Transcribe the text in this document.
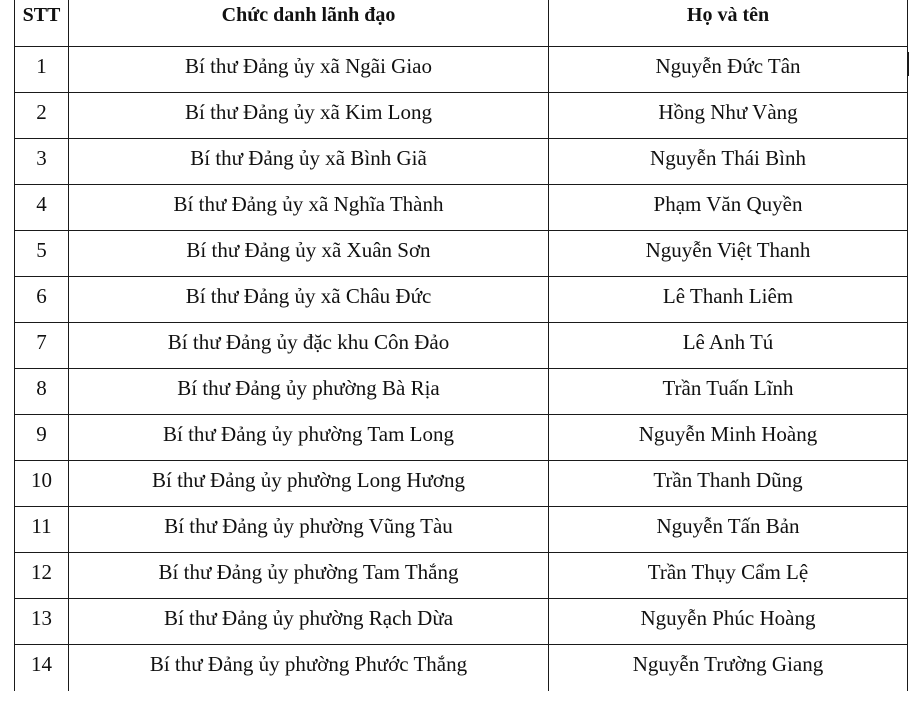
STT	Chức danh lãnh đạo	Họ và tên
1	Bí thư Đảng ủy xã Ngãi Giao	Nguyễn Đức Tân
2	Bí thư Đảng ủy xã Kim Long	Hồng Như Vàng
3	Bí thư Đảng ủy xã Bình Giã	Nguyễn Thái Bình
4	Bí thư Đảng ủy xã Nghĩa Thành	Phạm Văn Quyền
5	Bí thư Đảng ủy xã Xuân Sơn	Nguyễn Việt Thanh
6	Bí thư Đảng ủy xã Châu Đức	Lê Thanh Liêm
7	Bí thư Đảng ủy đặc khu Côn Đảo	Lê Anh Tú
8	Bí thư Đảng ủy phường Bà Rịa	Trần Tuấn Lĩnh
9	Bí thư Đảng ủy phường Tam Long	Nguyễn Minh Hoàng
10	Bí thư Đảng ủy phường Long Hương	Trần Thanh Dũng
11	Bí thư Đảng ủy phường Vũng Tàu	Nguyễn Tấn Bản
12	Bí thư Đảng ủy phường Tam Thắng	Trần Thụy Cẩm Lệ
13	Bí thư Đảng ủy phường Rạch Dừa	Nguyễn Phúc Hoàng
14	Bí thư Đảng ủy phường Phước Thắng	Nguyễn Trường Giang
